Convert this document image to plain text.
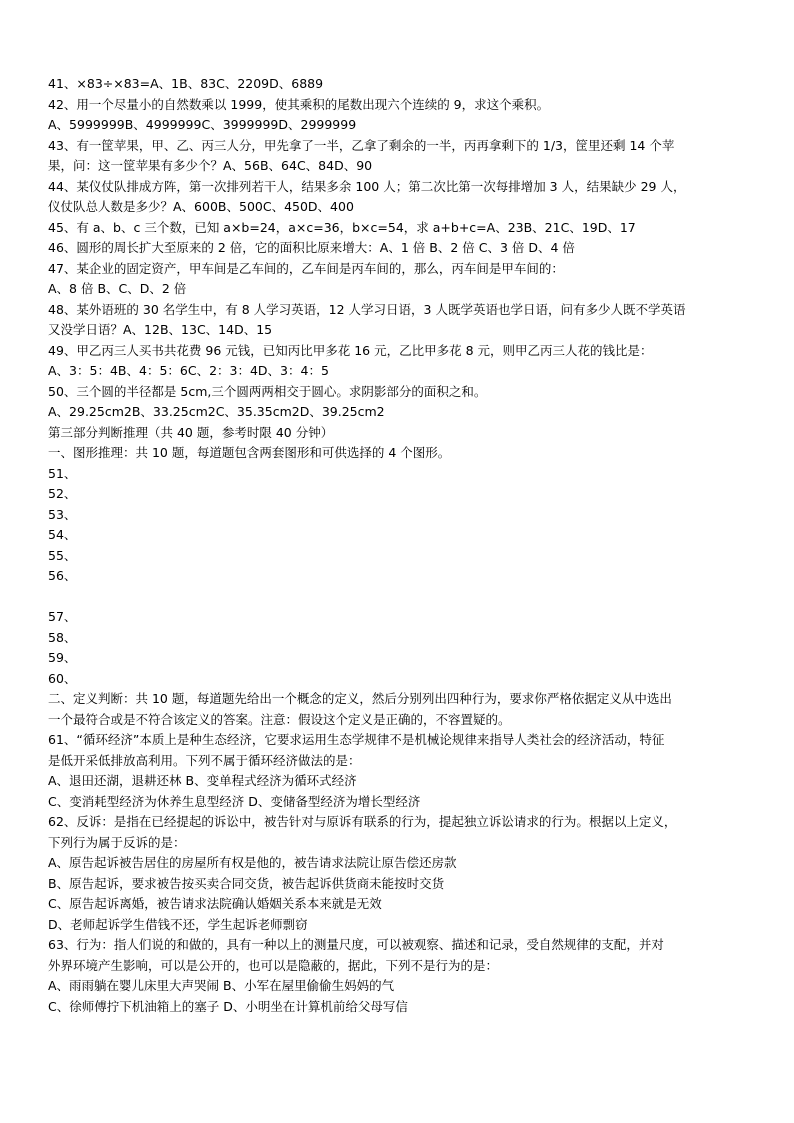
41、×83÷×83=A、1B、83C、2209D、6889
42、用一个尽量小的自然数乘以 1999，使其乘积的尾数出现六个连续的 9，求这个乘积。
A、5999999B、4999999C、3999999D、2999999
43、有一筐苹果，甲、乙、丙三人分，甲先拿了一半，乙拿了剩余的一半，丙再拿剩下的 1/3，筐里还剩 14 个苹
果，问：这一筐苹果有多少个？A、56B、64C、84D、90
44、某仪仗队排成方阵，第一次排列若干人，结果多余 100 人；第二次比第一次每排增加 3 人，结果缺少 29 人，
仪仗队总人数是多少？A、600B、500C、450D、400
45、有 a、b、c 三个数，已知 a×b=24，a×c=36，b×c=54，求 a+b+c=A、23B、21C、19D、17
46、圆形的周长扩大至原来的 2 倍，它的面积比原来增大：A、1 倍 B、2 倍 C、3 倍 D、4 倍
47、某企业的固定资产，甲车间是乙车间的，乙车间是丙车间的，那么，丙车间是甲车间的：
A、8 倍 B、C、D、2 倍
48、某外语班的 30 名学生中，有 8 人学习英语，12 人学习日语，3 人既学英语也学日语，问有多少人既不学英语
又没学日语？A、12B、13C、14D、15
49、甲乙丙三人买书共花费 96 元钱，已知丙比甲多花 16 元，乙比甲多花 8 元，则甲乙丙三人花的钱比是：
A、3：5：4B、4：5：6C、2：3：4D、3：4：5
50、三个圆的半径都是 5cm,三个圆两两相交于圆心。求阴影部分的面积之和。
A、29.25cm2B、33.25cm2C、35.35cm2D、39.25cm2
第三部分判断推理（共 40 题，参考时限 40 分钟）
一、图形推理：共 10 题，每道题包含两套图形和可供选择的 4 个图形。
51、
52、
53、
54、
55、
56、
57、
58、
59、
60、
二、定义判断：共 10 题，每道题先给出一个概念的定义，然后分别列出四种行为，要求你严格依据定义从中选出
一个最符合或是不符合该定义的答案。注意：假设这个定义是正确的，不容置疑的。
61、“循环经济”本质上是种生态经济，它要求运用生态学规律不是机械论规律来指导人类社会的经济活动，特征
是低开采低排放高利用。下列不属于循环经济做法的是：
A、退田还湖，退耕还林 B、变单程式经济为循环式经济
C、变消耗型经济为休养生息型经济 D、变储备型经济为增长型经济
62、反诉：是指在已经提起的诉讼中，被告针对与原诉有联系的行为，提起独立诉讼请求的行为。根据以上定义，
下列行为属于反诉的是：
A、原告起诉被告居住的房屋所有权是他的，被告请求法院让原告偿还房款
B、原告起诉，要求被告按买卖合同交货，被告起诉供货商未能按时交货
C、原告起诉离婚，被告请求法院确认婚姻关系本来就是无效
D、老师起诉学生借钱不还，学生起诉老师剽窃
63、行为：指人们说的和做的，具有一种以上的测量尺度，可以被观察、描述和记录，受自然规律的支配，并对
外界环境产生影响，可以是公开的，也可以是隐蔽的，据此，下列不是行为的是：
A、雨雨躺在婴儿床里大声哭闹 B、小军在屋里偷偷生妈妈的气
C、徐师傅拧下机油箱上的塞子 D、小明坐在计算机前给父母写信
